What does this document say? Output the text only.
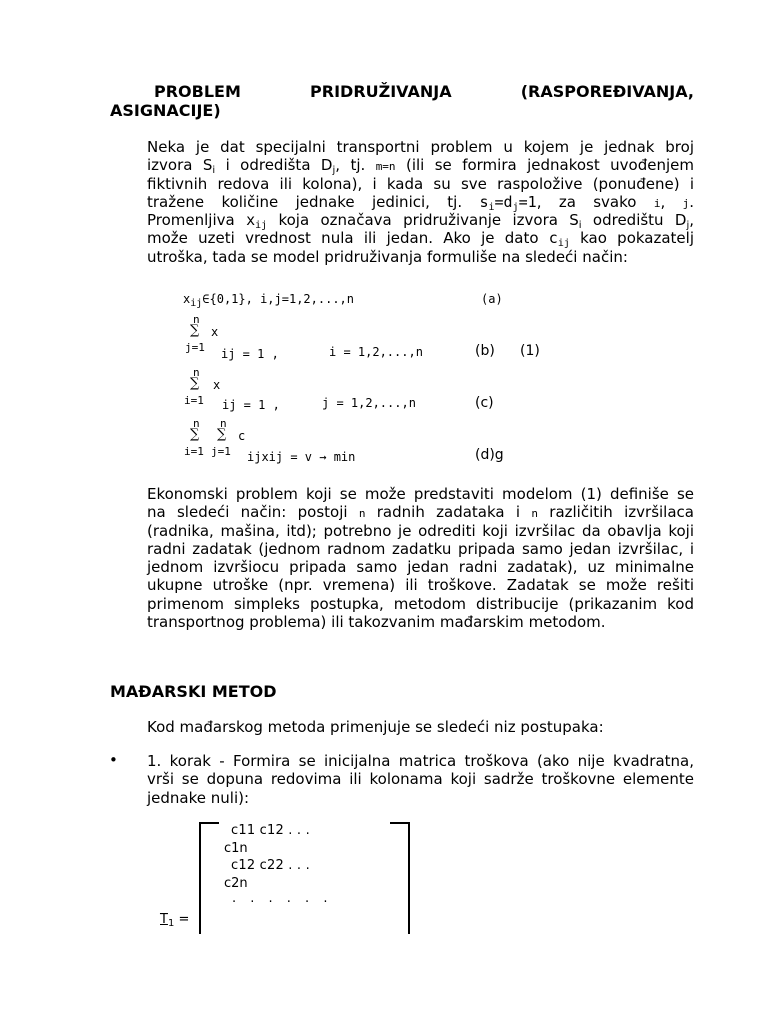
PROBLEM	PRIDRUŽIVANJA	(RASPOREĐIVANJA,
ASIGNACIJE)
Neka je dat specijalni transportni problem u kojem je jednak broj
izvora $S_i$ i odredišta $D_j$, tj. m=n (ili se formira jednakost uvođenjem
fiktivnih redova ili kolona), i kada su sve raspoložive (ponuđene) i
tražene količine jednake jedinici, tj. $s_i=d_j=1$, za svako i, j.
Promenljiva $x_{ij}$ koja označava pridruživanje izvora $S_i$ odredištu $D_j$,
može uzeti vrednost nula ili jedan. Ako je dato $c_{ij}$ kao pokazatelj
utroška, tada se model pridruživanja formuliše na sledeći način:
$x_{ij}\in\{0,1\}$, i,j=1,2,...,n	(a)
n
∑ x
j=1 ij = 1 ,	i = 1,2,...,n	(b) (1)
n
∑ x
i=1 ij = 1 ,	j = 1,2,...,n	(c)
n n
∑ ∑ c
i=1 j=1 ijxij = v → min	(d)g
Ekonomski problem koji se može predstaviti modelom (1) definiše se
na sledeći način: postoji n radnih zadataka i n različitih izvršilaca
(radnika, mašina, itd); potrebno je odrediti koji izvršilac da obavlja koji
radni zadatak (jednom radnom zadatku pripada samo jedan izvršilac, i
jednom izvršiocu pripada samo jedan radni zadatak), uz minimalne
ukupne utroške (npr. vremena) ili troškove. Zadatak se može rešiti
primenom simpleks postupka, metodom distribucije (prikazanim kod
transportnog problema) ili takozvanim mađarskim metodom.
MAĐARSKI METOD
Kod mađarskog metoda primenjuje se sledeći niz postupaka:
• 1. korak - Formira se inicijalna matrica troškova (ako nije kvadratna,
vrši se dopuna redovima ili kolonama koji sadrže troškovne elemente
jednake nuli):
c11 c12 . . .
c1n
c12 c22 . . .
c2n
. . . . . .
$T_1$ =
